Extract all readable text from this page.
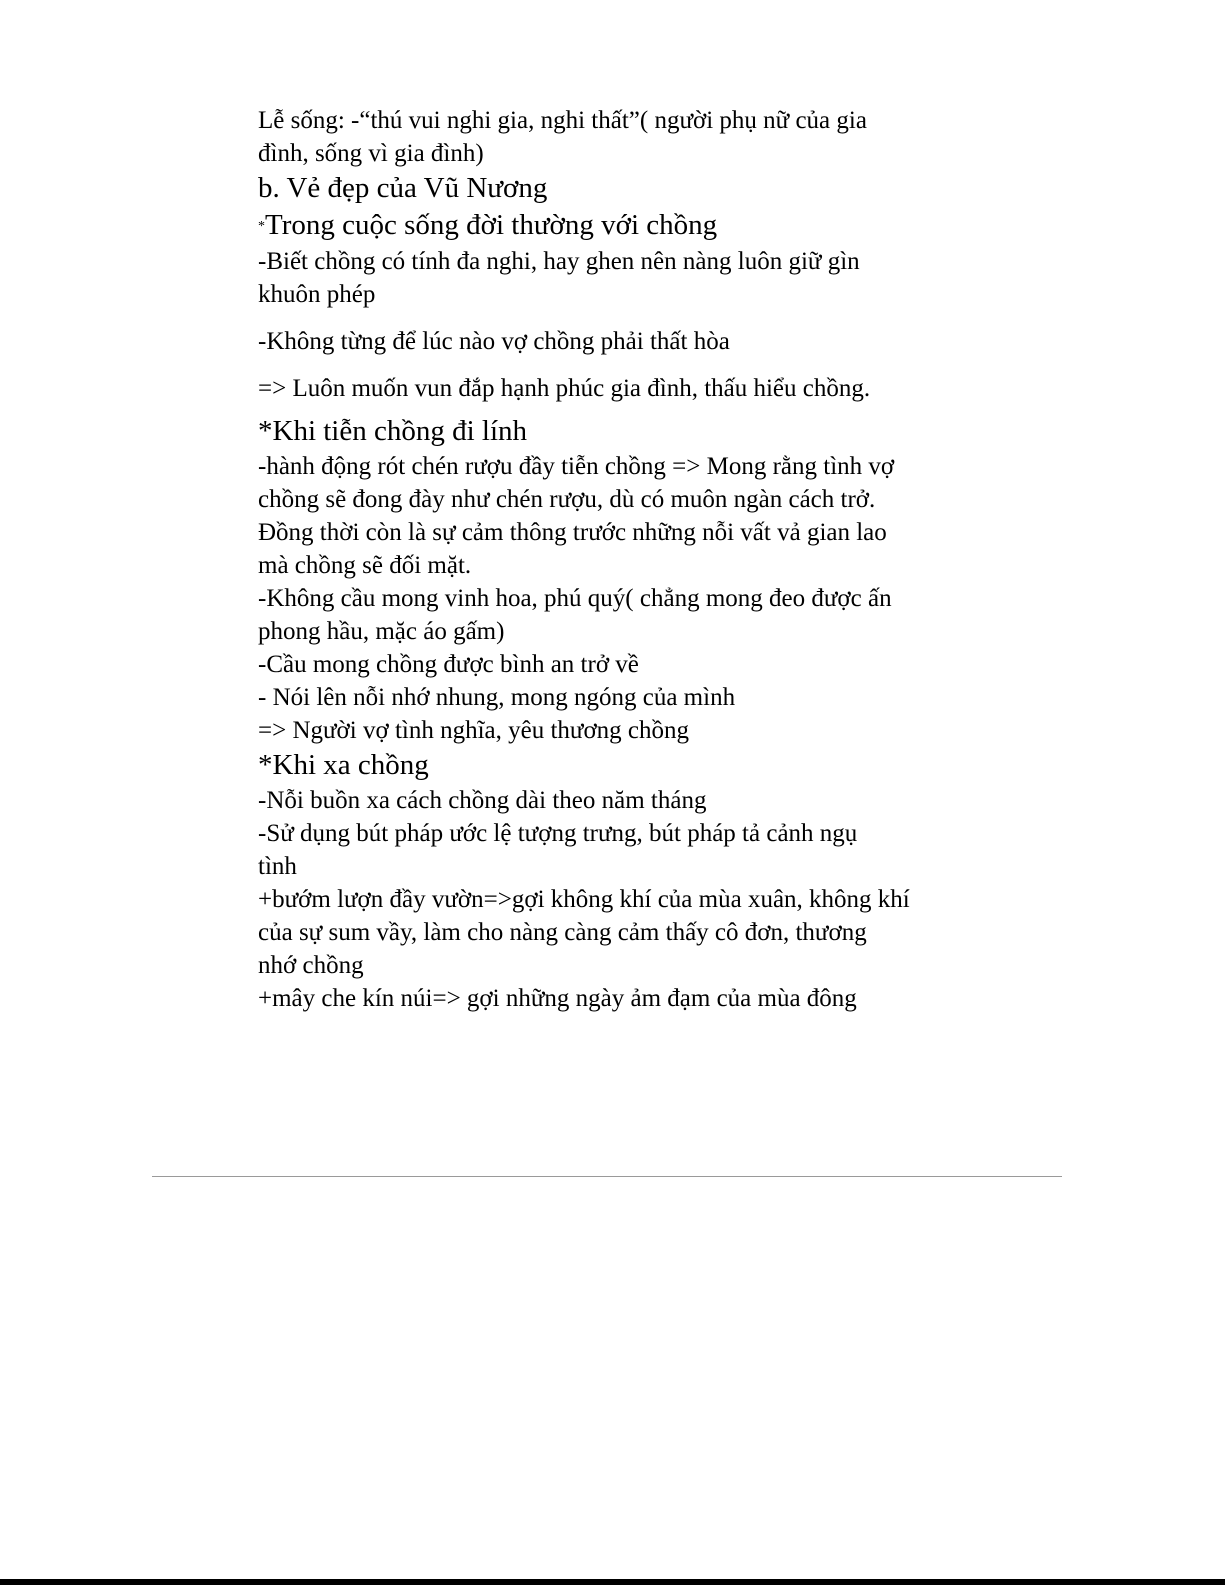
Lễ sống: -“thú vui nghi gia, nghi thất”( người phụ nữ của gia
đình, sống vì gia đình)
b. Vẻ đẹp của Vũ Nương
*Trong cuộc sống đời thường với chồng
-Biết chồng có tính đa nghi, hay ghen nên nàng luôn giữ gìn
khuôn phép
-Không từng để lúc nào vợ chồng phải thất hòa
=> Luôn muốn vun đắp hạnh phúc gia đình, thấu hiểu chồng.
*Khi tiễn chồng đi lính
-hành động rót chén rượu đầy tiễn chồng => Mong rằng tình vợ
chồng sẽ đong đày như chén rượu, dù có muôn ngàn cách trở.
Đồng thời còn là sự cảm thông trước những nỗi vất vả gian lao
mà chồng sẽ đối mặt.
-Không cầu mong vinh hoa, phú quý( chẳng mong đeo được ấn
phong hầu, mặc áo gấm)
-Cầu mong chồng được bình an trở về
- Nói lên nỗi nhớ nhung, mong ngóng của mình
=> Người vợ tình nghĩa, yêu thương chồng
*Khi xa chồng
-Nỗi buồn xa cách chồng dài theo năm tháng
-Sử dụng bút pháp ước lệ tượng trưng, bút pháp tả cảnh ngụ
tình
+bướm lượn đầy vườn=>gợi không khí của mùa xuân, không khí
của sự sum vầy, làm cho nàng càng cảm thấy cô đơn, thương
nhớ chồng
+mây che kín núi=> gợi những ngày ảm đạm của mùa đông
